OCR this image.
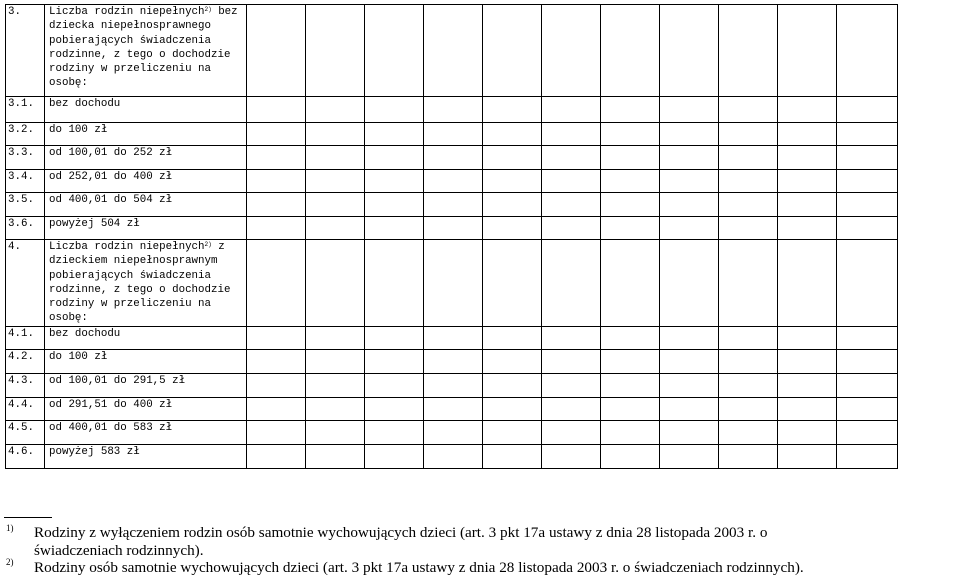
3.	Liczba rodzin niepełnych$^{2)}$ bez dziecka niepełnosprawnego pobierających świadczenia rodzinne, z tego o dochodzie rodziny w przeliczeniu na osobę:											

3.1.	bez dochodu											

3.2.	do 100 zł											

3.3.	od 100,01 do 252 zł											

3.4.	od 252,01 do 400 zł											

3.5.	od 400,01 do 504 zł											

3.6.	powyżej 504 zł											

4.	Liczba rodzin niepełnych$^{2)}$ z dzieckiem niepełnosprawnym pobierających świadczenia rodzinne, z tego o dochodzie rodziny w przeliczeniu na osobę:											

4.1.	bez dochodu											

4.2.	do 100 zł											

4.3.	od 100,01 do 291,5 zł											

4.4.	od 291,51 do 400 zł											

4.5.	od 400,01 do 583 zł											

4.6.	powyżej 583 zł											

1) Rodziny z wyłączeniem rodzin osób samotnie wychowujących dzieci (art. 3 pkt 17a ustawy z dnia 28 listopada 2003 r. o
świadczeniach rodzinnych).
2) Rodziny osób samotnie wychowujących dzieci (art. 3 pkt 17a ustawy z dnia 28 listopada 2003 r. o świadczeniach rodzinnych).
